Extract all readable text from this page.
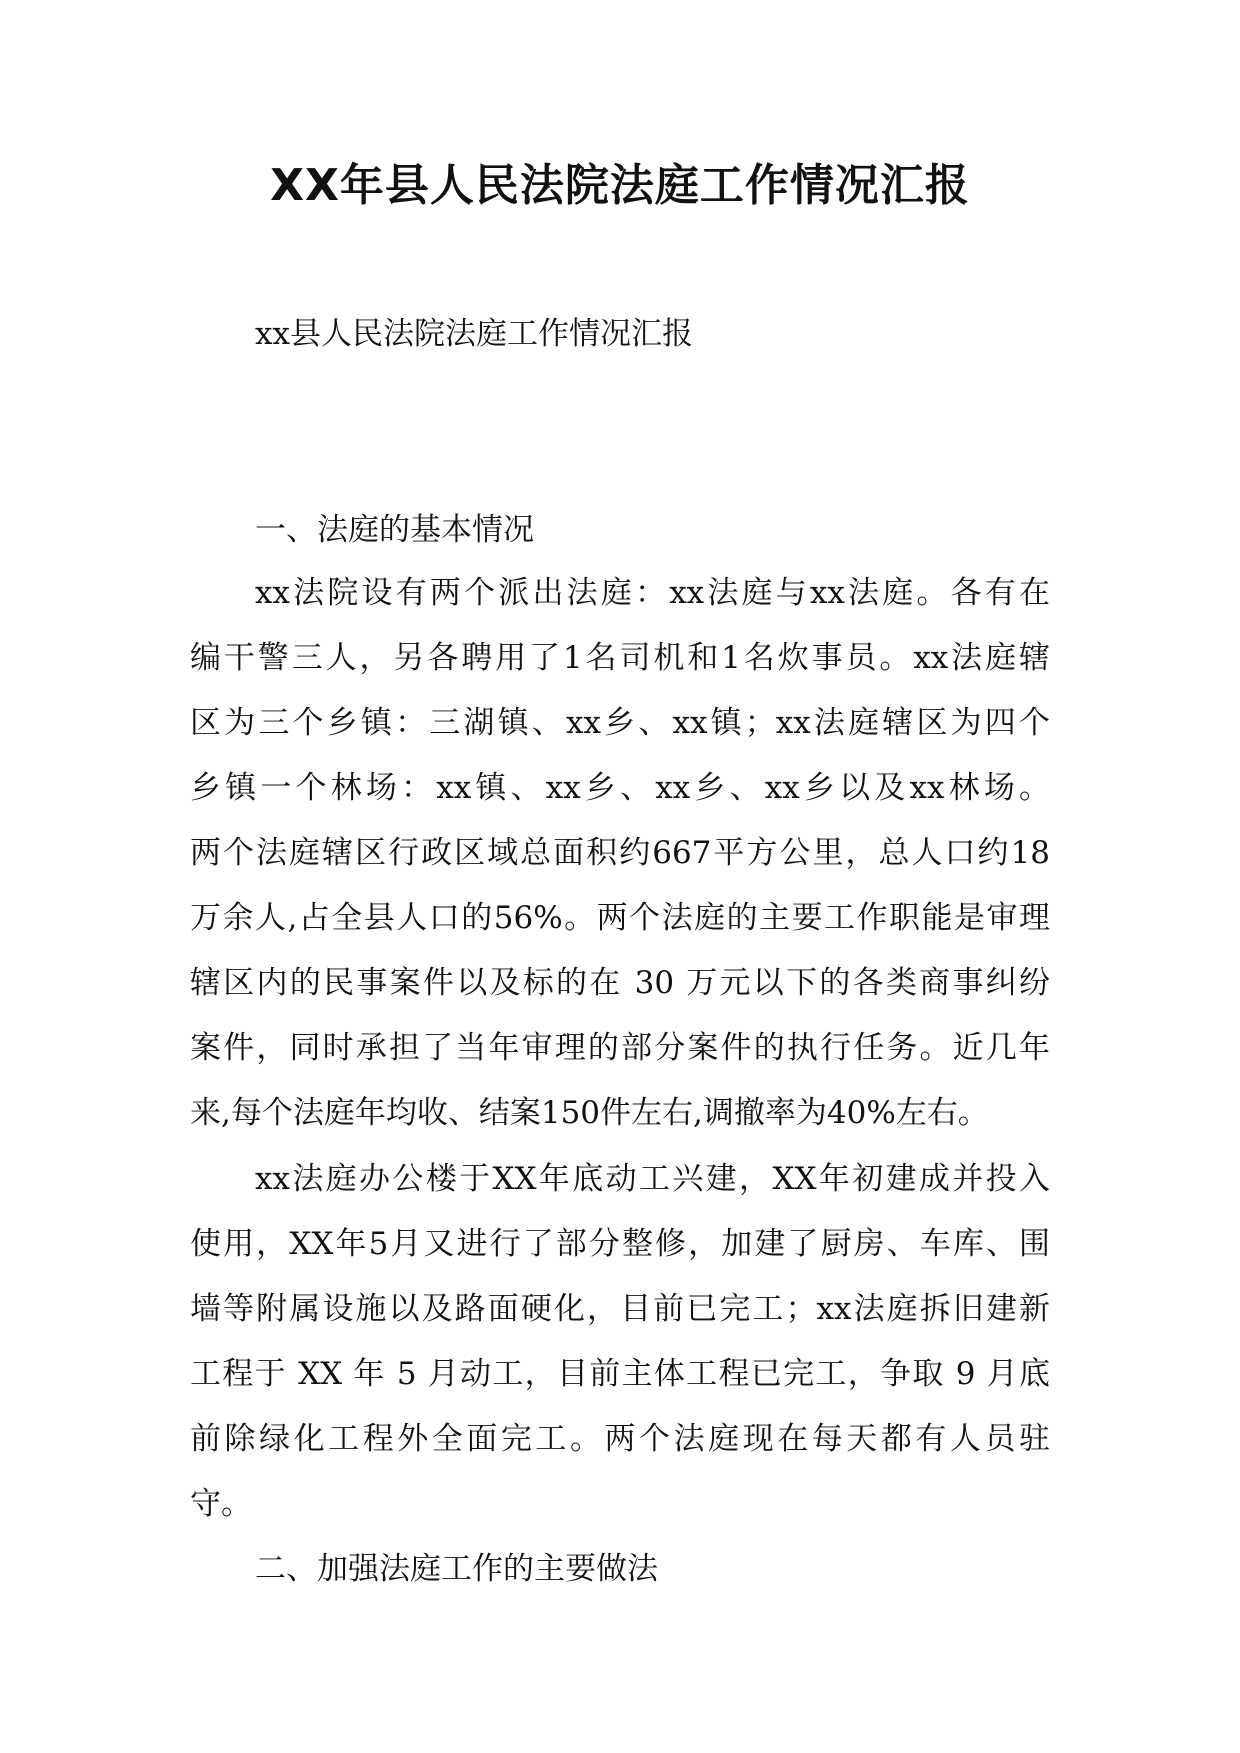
XX年县人民法院法庭工作情况汇报

xx县人民法院法庭工作情况汇报

一、法庭的基本情况

xx法院设有两个派出法庭：xx法庭与xx法庭。各有在
编干警三人，另各聘用了1名司机和1名炊事员。xx法庭辖
区为三个乡镇：三湖镇、xx乡、xx镇；xx法庭辖区为四个
乡镇一个林场：xx镇、xx乡、xx乡、xx乡以及xx林场。
两个法庭辖区行政区域总面积约667平方公里，总人口约18
万余人,占全县人口的56%。两个法庭的主要工作职能是审理
辖区内的民事案件以及标的在 30 万元以下的各类商事纠纷
案件，同时承担了当年审理的部分案件的执行任务。近几年
来,每个法庭年均收、结案150件左右,调撤率为40%左右。
xx法庭办公楼于XX年底动工兴建，XX年初建成并投入
使用，XX年5月又进行了部分整修，加建了厨房、车库、围
墙等附属设施以及路面硬化，目前已完工；xx法庭拆旧建新
工程于 XX 年 5 月动工，目前主体工程已完工，争取 9 月底
前除绿化工程外全面完工。两个法庭现在每天都有人员驻
守。

二、加强法庭工作的主要做法
